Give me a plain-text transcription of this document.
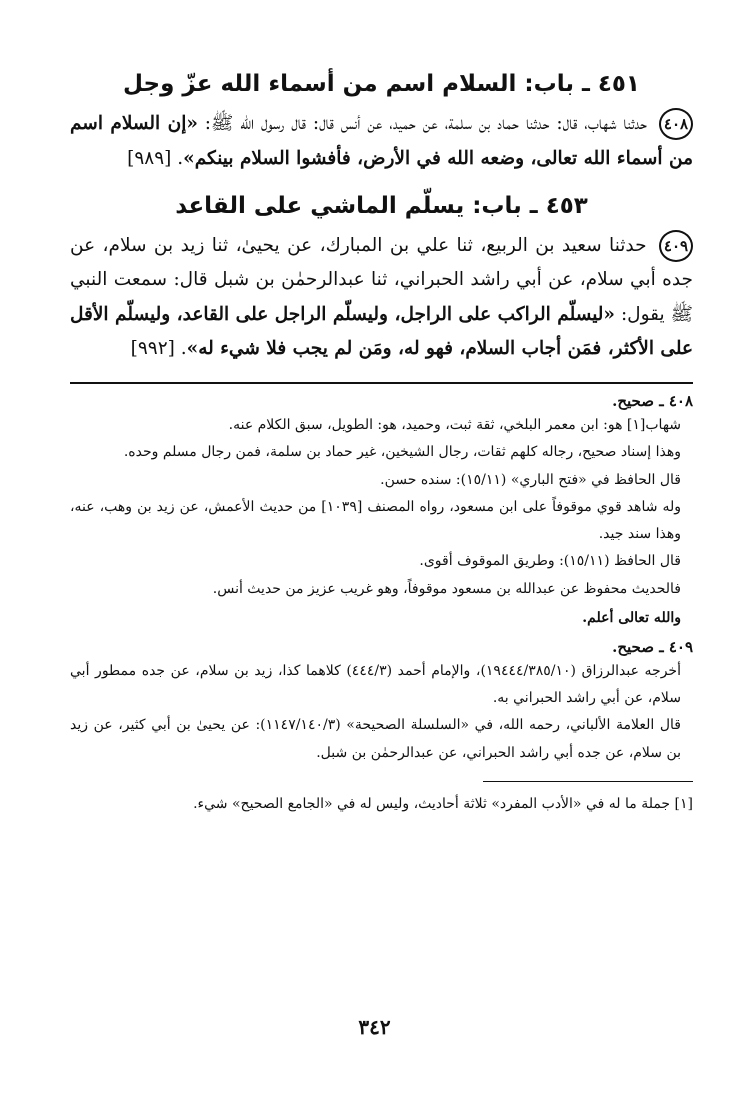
٤٥١ ـ باب: السلام اسم من أسماء الله عزّ وجل

٤٠٨ حدثنا شهاب، قال: حدثنا حماد بن سلمة، عن حميد، عن أنس قال: قال رسول الله ﷺ: «إن السلام اسم من أسماء الله تعالى، وضعه الله في الأرض، فأفشوا السلام بينكم». [٩٨٩]

٤٥٣ ـ باب: يسلّم الماشي على القاعد

٤٠٩ حدثنا سعيد بن الربيع، ثنا علي بن المبارك، عن يحيىٰ، ثنا زيد بن سلام، عن جده أبي سلام، عن أبي راشد الحبراني، ثنا عبدالرحمٰن بن شبل قال: سمعت النبي ﷺ يقول: «ليسلّم الراكب على الراجل، وليسلّم الراجل على القاعد، وليسلّم الأقل على الأكثر، فمَن أجاب السلام، فهو له، ومَن لم يجب فلا شيء له». [٩٩٢]

٤٠٨ ـ صحيح.

شهاب[١] هو: ابن معمر البلخي، ثقة ثبت، وحميد، هو: الطويل، سبق الكلام عنه.

وهذا إسناد صحيح، رجاله كلهم ثقات، رجال الشيخين، غير حماد بن سلمة، فمن رجال مسلم وحده.

قال الحافظ في «فتح الباري» (١٥/١١): سنده حسن.

وله شاهد قوي موقوفاً على ابن مسعود، رواه المصنف [١٠٣٩] من حديث الأعمش، عن زيد بن وهب، عنه، وهذا سند جيد.

قال الحافظ (١٥/١١): وطريق الموقوف أقوى.

فالحديث محفوظ عن عبدالله بن مسعود موقوفاً، وهو غريب عزيز من حديث أنس.

والله تعالى أعلم.

٤٠٩ ـ صحيح.

أخرجه عبدالرزاق (١٩٤٤٤/٣٨٥/١٠)، والإمام أحمد (٤٤٤/٣) كلاهما كذا، زيد بن سلام، عن جده ممطور أبي سلام، عن أبي راشد الحبراني به.

قال العلامة الألباني، رحمه الله، في «السلسلة الصحيحة» (١١٤٧/١٤٠/٣): عن يحيىٰ بن أبي كثير، عن زيد بن سلام، عن جده أبي راشد الحبراني، عن عبدالرحمٰن بن شبل.

[١] جملة ما له في «الأدب المفرد» ثلاثة أحاديث، وليس له في «الجامع الصحيح» شيء.

٣٤٢
